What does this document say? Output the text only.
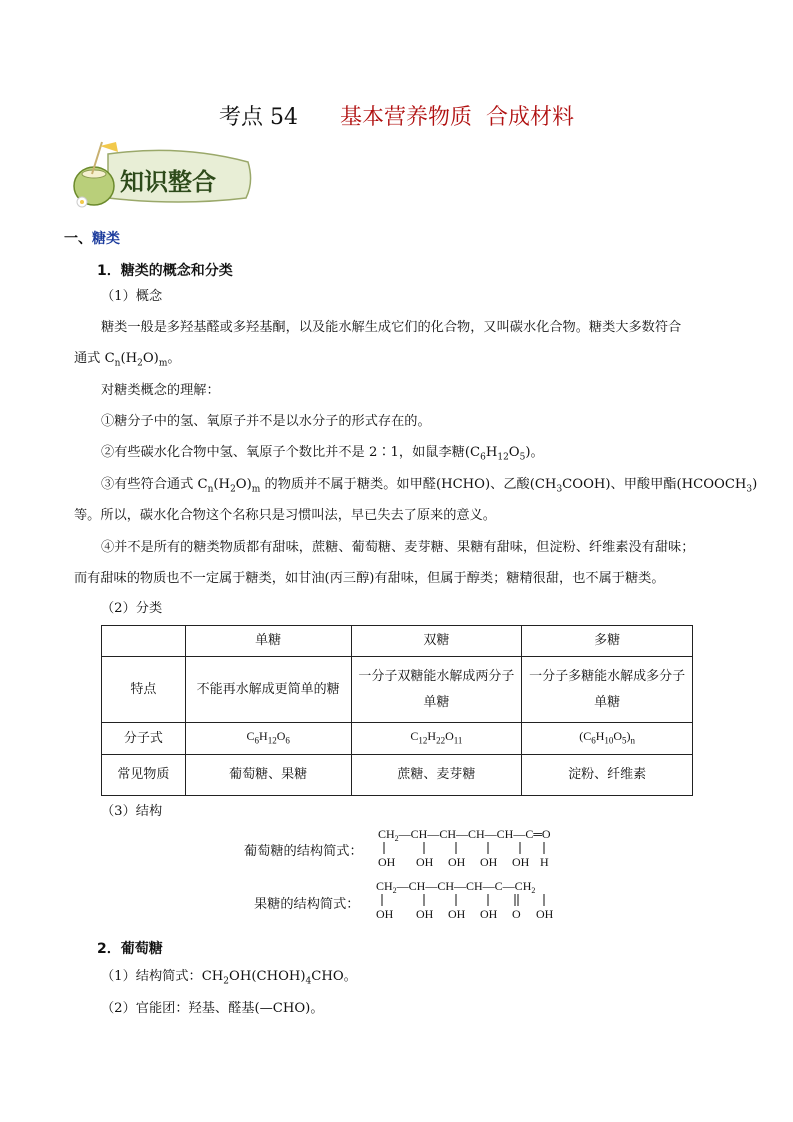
考点 54 基本营养物质  合成材料
知识整合
一、糖类
1．糖类的概念和分类
（1）概念
糖类一般是多羟基醛或多羟基酮，以及能水解生成它们的化合物，又叫碳水化合物。糖类大多数符合
通式 $C_n(H_2O)_m$。
对糖类概念的理解：
①糖分子中的氢、氧原子并不是以水分子的形式存在的。
②有些碳水化合物中氢、氧原子个数比并不是 2∶1，如鼠李糖$(C_6H_{12}O_5)$。
③有些符合通式 $C_n(H_2O)_m$ 的物质并不属于糖类。如甲醛(HCHO)、乙酸$(CH_3COOH)$、甲酸甲酯$(HCOOCH_3)$
等。所以，碳水化合物这个名称只是习惯叫法，早已失去了原来的意义。
④并不是所有的糖类物质都有甜味，蔗糖、葡萄糖、麦芽糖、果糖有甜味，但淀粉、纤维素没有甜味；
而有甜味的物质也不一定属于糖类，如甘油(丙三醇)有甜味，但属于醇类；糖精很甜，也不属于糖类。
（2）分类
	单糖	双糖	多糖
特点	不能再水解成更简单的糖	一分子双糖能水解成两分子单糖	一分子多糖能水解成多分子单糖
分子式	$C_6H_{12}O_6$	$C_{12}H_{22}O_{11}$	$(C_6H_{10}O_5)_n$
常见物质	葡萄糖、果糖	蔗糖、麦芽糖	淀粉、纤维素
（3）结构
葡萄糖的结构简式：
$CH_2—CH—CH—CH—CH—C═O$
OH OH OH OH OH H
果糖的结构简式：
$CH_2—CH—CH—CH—C—CH_2$
OH OH OH OH O OH
2．葡萄糖
（1）结构简式：$CH_2OH(CHOH)_4CHO$。
（2）官能团：羟基、醛基(—CHO)。
